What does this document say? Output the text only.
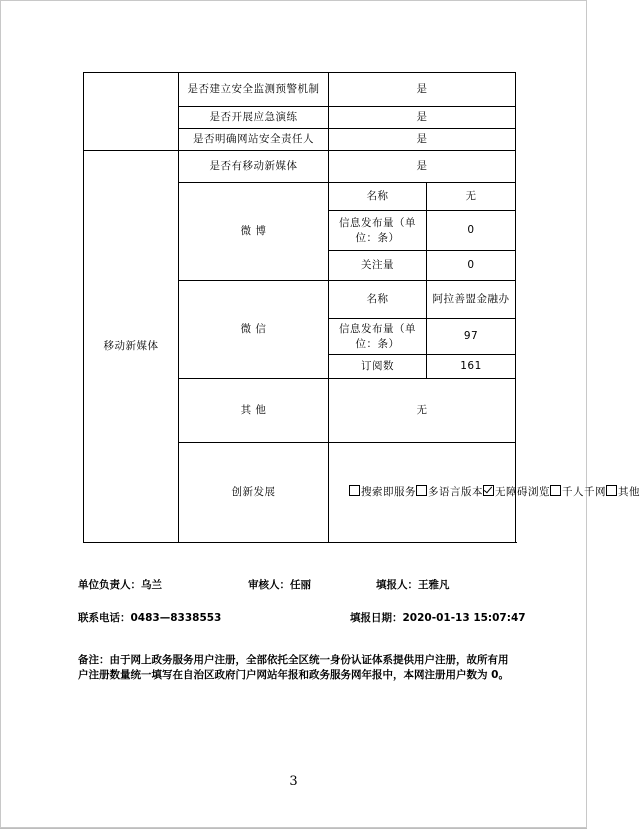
	是否建立安全监测预警机制	是	
	是否开展应急演练	是	
	是否明确网站安全责任人	是	
移动新媒体	是否有移动新媒体	是	
	微 博	名称	无
		信息发布量（单位：条）	0
		关注量	0
	微 信	名称	阿拉善盟金融办
		信息发布量（单位：条）	97
		订阅数	161
	其 他	无	
	创新发展	搜索即服务 多语言版本 无障碍浏览 千人千网 其他	
单位负责人：乌兰	审核人：任丽	填报人：王雅凡
联系电话：0483—8338553	填报日期：2020-01-13 15:07:47
备注：由于网上政务服务用户注册，全部依托全区统一身份认证体系提供用户注册，故所有用户注册数量统一填写在自治区政府门户网站年报和政务服务网年报中，本网注册用户数为 0。
3
